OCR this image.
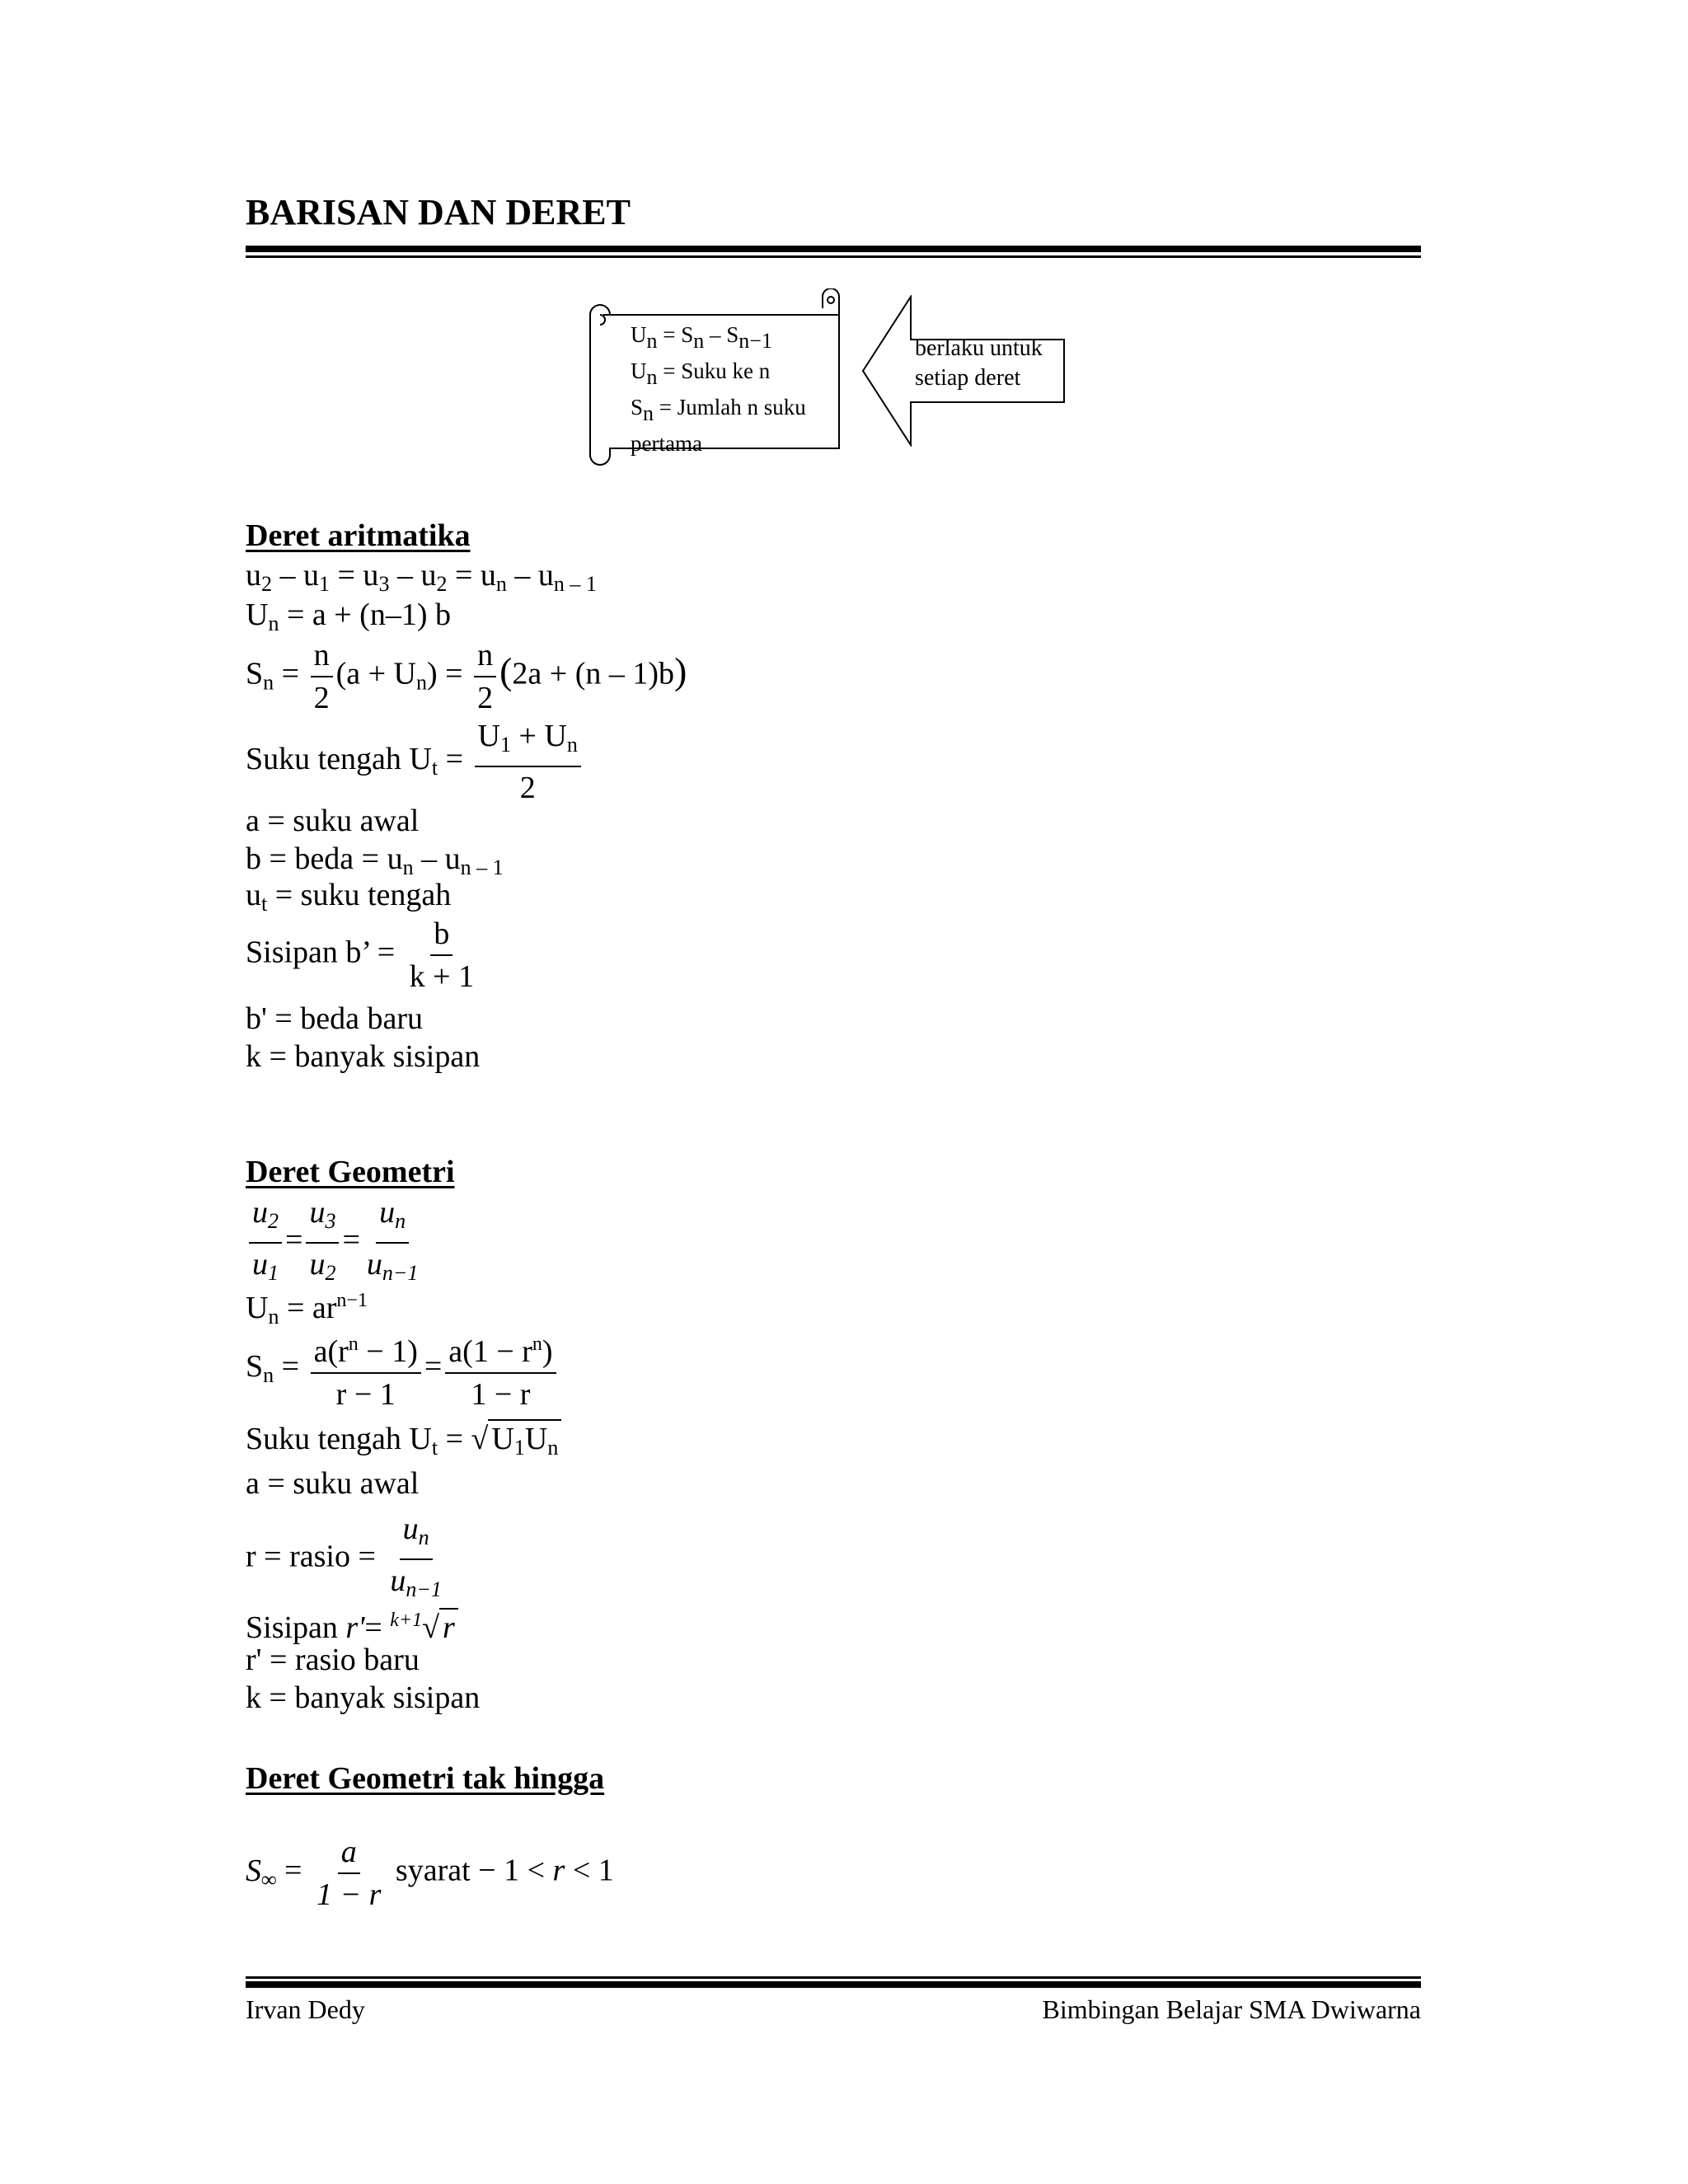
BARISAN DAN DERET
Un = Sn – Sn−1
Un = Suku ke n
Sn = Jumlah n suku
pertama
berlaku untuk
setiap deret
Deret aritmatika
$u_2 - u_1 = u_3 - u_2 = u_n - u_{n - 1}$
$U_n = a + (n-1)$ b
$S_n = \frac{n}{2} (a + U_n) = \frac{n}{2} (2a + (n - 1)b)$
Suku tengah $U_t = \frac{U_1 + U_n}{2}$
a = suku awal
b = beda = $u_n - u_{n - 1}$
$u_t$ = suku tengah
Sisipan b’ = $\frac{b}{k + 1}$
b' = beda baru
k = banyak sisipan
Deret Geometri
$\frac{u_2}{u_1} = \frac{u_3}{u_2} = \frac{u_n}{u_{n-1}}$
$U_n = ar^{n-1}$
$S_n = \frac{a(r^n - 1)}{r - 1} = \frac{a(1 - r^n)}{1 - r}$
Suku tengah $U_t$ = √ $U_1U_n$
a = suku awal
r = rasio = $\frac{u_n}{u_{n-1}}$
Sisipan r'= $^{k+1}$√ r
r' = rasio baru
k = banyak sisipan
Deret Geometri tak hingga
$S_\infty = \frac{a}{1 - r}$ syarat − 1 < r < 1
Irvan Dedy	Bimbingan Belajar SMA Dwiwarna
